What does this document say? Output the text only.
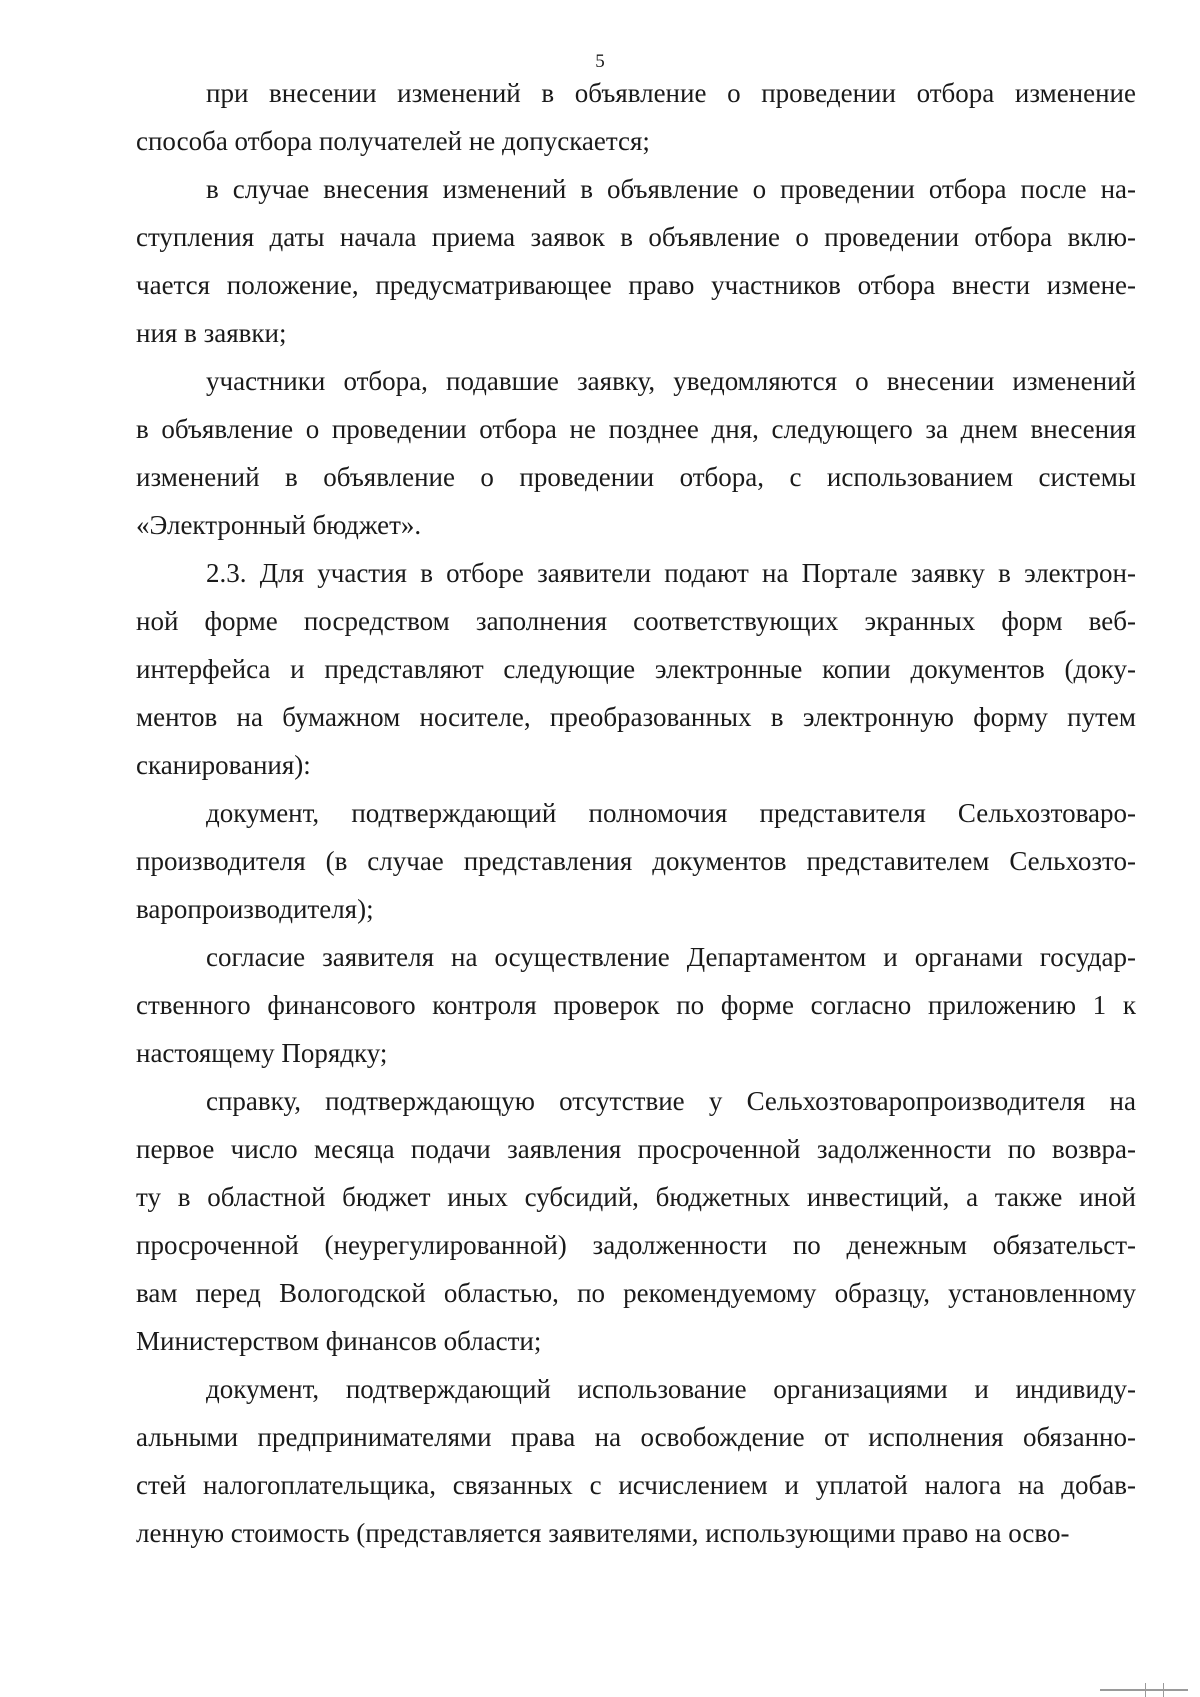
5
при внесении изменений в объявление о проведении отбора изменение
способа отбора получателей не допускается;
в случае внесения изменений в объявление о проведении отбора после на-
ступления даты начала приема заявок в объявление о проведении отбора вклю-
чается положение, предусматривающее право участников отбора внести измене-
ния в заявки;
участники отбора, подавшие заявку, уведомляются о внесении изменений
в объявление о проведении отбора не позднее дня, следующего за днем внесения
изменений в объявление о проведении отбора, с использованием системы
«Электронный бюджет».
2.3. Для участия в отборе заявители подают на Портале заявку в электрон-
ной форме посредством заполнения соответствующих экранных форм веб-
интерфейса и представляют следующие электронные копии документов (доку-
ментов на бумажном носителе, преобразованных в электронную форму путем
сканирования):
документ, подтверждающий полномочия представителя Сельхозтоваро-
производителя (в случае представления документов представителем Сельхозто-
варопроизводителя);
согласие заявителя на осуществление Департаментом и органами государ-
ственного финансового контроля проверок по форме согласно приложению 1 к
настоящему Порядку;
справку, подтверждающую отсутствие у Сельхозтоваропроизводителя на
первое число месяца подачи заявления просроченной задолженности по возвра-
ту в областной бюджет иных субсидий, бюджетных инвестиций, а также иной
просроченной (неурегулированной) задолженности по денежным обязательст-
вам перед Вологодской областью, по рекомендуемому образцу, установленному
Министерством финансов области;
документ, подтверждающий использование организациями и индивиду-
альными предпринимателями права на освобождение от исполнения обязанно-
стей налогоплательщика, связанных с исчислением и уплатой налога на добав-
ленную стоимость (представляется заявителями, использующими право на осво-
